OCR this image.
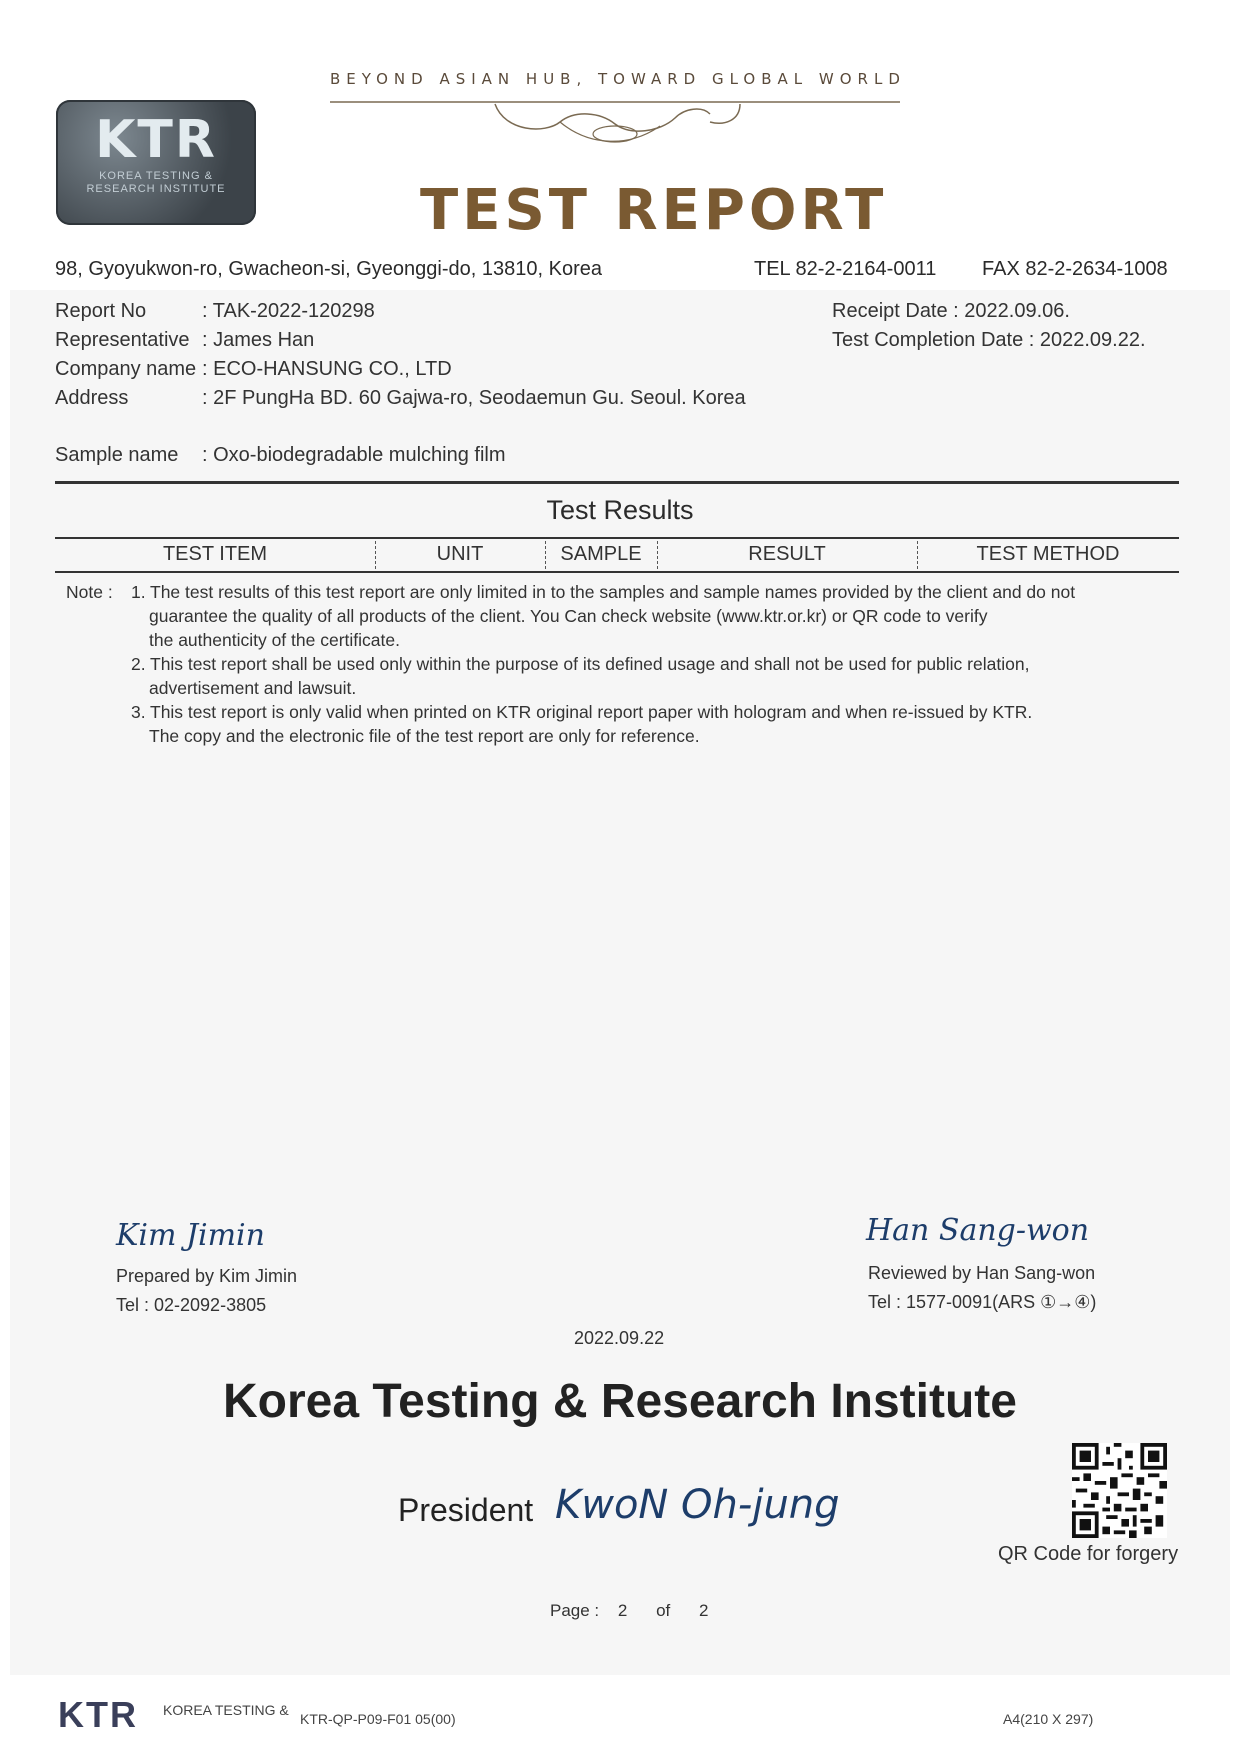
BEYOND ASIAN HUB, TOWARD GLOBAL WORLD
KTR
KOREA TESTING &
RESEARCH INSTITUTE	TEST REPORT
98, Gyoyukwon-ro, Gwacheon-si, Gyeonggi-do, 13810, Korea	TEL 82-2-2164-0011 FAX 82-2-2634-1008
Report No	: TAK-2022-120298
Representative : James Han
Company name : ECO-HANSUNG CO., LTD
Address	: 2F PungHa BD. 60 Gajwa-ro, Seodaemun Gu. Seoul. Korea
Sample name : Oxo-biodegradable mulching film
Receipt Date : 2022.09.06.
Test Completion Date : 2022.09.22.
Test Results
TEST ITEM	UNIT	SAMPLE	RESULT	TEST METHOD
Note : 1. The test results of this test report are only limited in to the samples and sample names provided by the client and do not
guarantee the quality of all products of the client. You Can check website (www.ktr.or.kr) or QR code to verify
the authenticity of the certificate.
2. This test report shall be used only within the purpose of its defined usage and shall not be used for public relation,
advertisement and lawsuit.
3. This test report is only valid when printed on KTR original report paper with hologram and when re-issued by KTR.
The copy and the electronic file of the test report are only for reference.
Kim Jimin
Prepared by Kim Jimin
Tel : 02-2092-3805
Han Sang-won
Reviewed by Han Sang-won
Tel : 1577-0091(ARS ①→④)
2022.09.22
Korea Testing & Research Institute
President KwoN Oh-jung
QR Code for forgery
Page : 2 of 2
KTR KOREA TESTING &
KTR-QP-P09-F01 05(00)	A4(210 X 297)
